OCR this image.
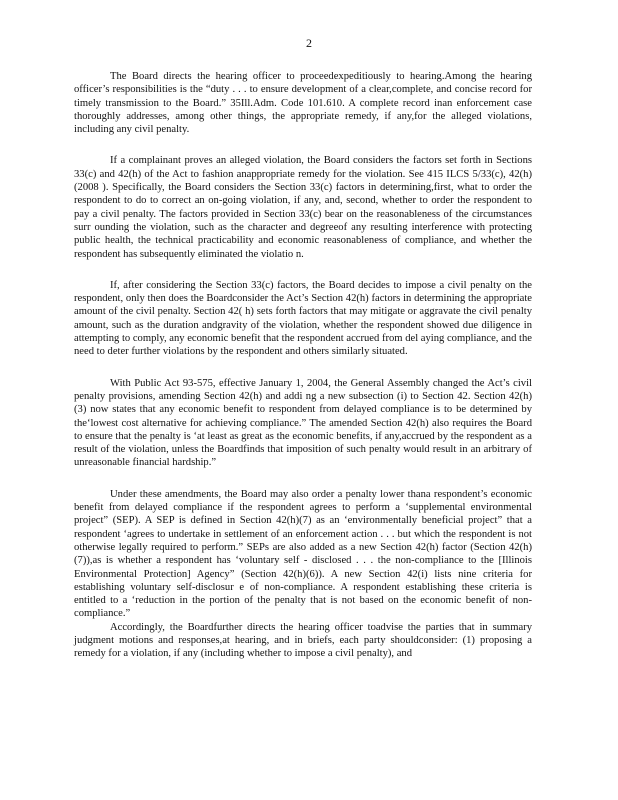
2

The Board directs the hearing officer to proceedexpeditiously to hearing.Among the hearing officer’s responsibilities is the “duty . . . to ensure development of a clear,complete, and concise record for timely transmission to the Board.” 35Ill.Adm. Code 101.610. A complete record inan enforcement case thoroughly addresses, among other things, the appropriate remedy, if any,for the alleged violations, including any civil penalty.

If a complainant proves an alleged violation, the Board considers the factors set forth in Sections 33(c) and 42(h) of the Act to fashion anappropriate remedy for the violation. See 415 ILCS 5/33(c), 42(h) (2008 ). Specifically, the Board considers the Section 33(c) factors in determining,first, what to order the respondent to do to correct an on-going violation, if any, and, second, whether to order the respondent to pay a civil penalty. The factors provided in Section 33(c) bear on the reasonableness of the circumstances surr ounding the violation, such as the character and degreeof any resulting interference with protecting public health, the technical practicability and economic reasonableness of compliance, and whether the respondent has subsequently eliminated the violatio n.

If, after considering the Section 33(c) factors, the Board decides to impose a civil penalty on the respondent, only then does the Boardconsider the Act’s Section 42(h) factors in determining the appropriate amount of the civil penalty. Section 42( h) sets forth factors that may mitigate or aggravate the civil penalty amount, such as the duration andgravity of the violation, whether the respondent showed due diligence in attempting to comply, any economic benefit that the respondent accrued from del aying compliance, and the need to deter further violations by the respondent and others similarly situated.

With Public Act 93-575, effective January 1, 2004, the General Assembly changed the Act’s civil penalty provisions, amending Section 42(h) and addi ng a new subsection (i) to Section 42. Section 42(h)(3) now states that any economic benefit to respondent from delayed compliance is to be determined by the‘lowest cost alternative for achieving compliance.” The amended Section 42(h) also requires the Board to ensure that the penalty is ‘at least as great as the economic benefits, if any,accrued by the respondent as a result of the violation, unless the Boardfinds that imposition of such penalty would result in an arbitrary of unreasonable financial hardship.”

Under these amendments, the Board may also order a penalty lower thana respondent’s economic benefit from delayed compliance if the respondent agrees to perform a ‘supplemental environmental project” (SEP). A SEP is defined in Section 42(h)(7) as an ‘environmentally beneficial project” that a respondent ‘agrees to undertake in settlement of an enforcement action . . . but which the respondent is not otherwise legally required to perform.” SEPs are also added as a new Section 42(h) factor (Section 42(h)(7)),as is whether a respondent has ‘voluntary self - disclosed . . . the non-compliance to the [Illinois Environmental Protection] Agency” (Section 42(h)(6)). A new Section 42(i) lists nine criteria for establishing voluntary self-disclosur e of non-compliance. A respondent establishing these criteria is entitled to a ‘reduction in the portion of the penalty that is not based on the economic benefit of non-compliance.”

Accordingly, the Boardfurther directs the hearing officer toadvise the parties that in summary judgment motions and responses,at hearing, and in briefs, each party shouldconsider: (1) proposing a remedy for a violation, if any (including whether to impose a civil penalty), and
